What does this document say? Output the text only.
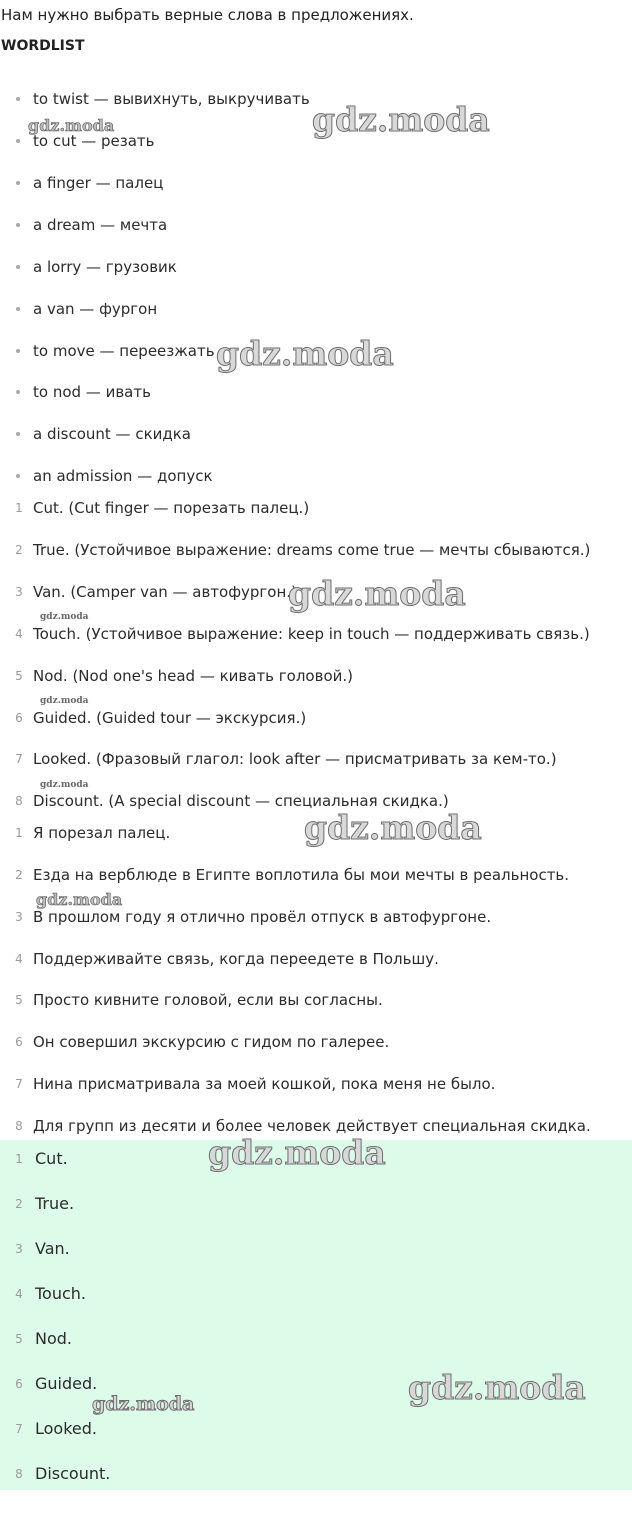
Нам нужно выбрать верные слова в предложениях.
WORDLIST
to twist — вывихнуть, выкручивать
to cut — резать
a finger — палец
a dream — мечта
a lorry — грузовик
a van — фургон
to move — переезжать
to nod — ивать
a discount — скидка
an admission — допуск
1 Cut. (Cut finger — порезать палец.)
2 True. (Устойчивое выражение: dreams come true — мечты сбываются.)
3 Van. (Camper van — автофургон.)
4 Touch. (Устойчивое выражение: keep in touch — поддерживать связь.)
5 Nod. (Nod one's head — кивать головой.)
6 Guided. (Guided tour — экскурсия.)
7 Looked. (Фразовый глагол: look after — присматривать за кем-то.)
8 Discount. (A special discount — специальная скидка.)
1 Я порезал палец.
2 Езда на верблюде в Египте воплотила бы мои мечты в реальность.
3 В прошлом году я отлично провёл отпуск в автофургоне.
4 Поддерживайте связь, когда переедете в Польшу.
5 Просто кивните головой, если вы согласны.
6 Он совершил экскурсию с гидом по галерее.
7 Нина присматривала за моей кошкой, пока меня не было.
8 Для групп из десяти и более человек действует специальная скидка.
1 Cut.
2 True.
3 Van.
4 Touch.
5 Nod.
6 Guided.
7 Looked.
8 Discount.
gdz.moda
gdz.moda
gdz.moda
gdz.moda
gdz.moda
gdz.moda
gdz.moda
gdz.moda
gdz.moda
gdz.moda
gdz.moda
gdz.moda
